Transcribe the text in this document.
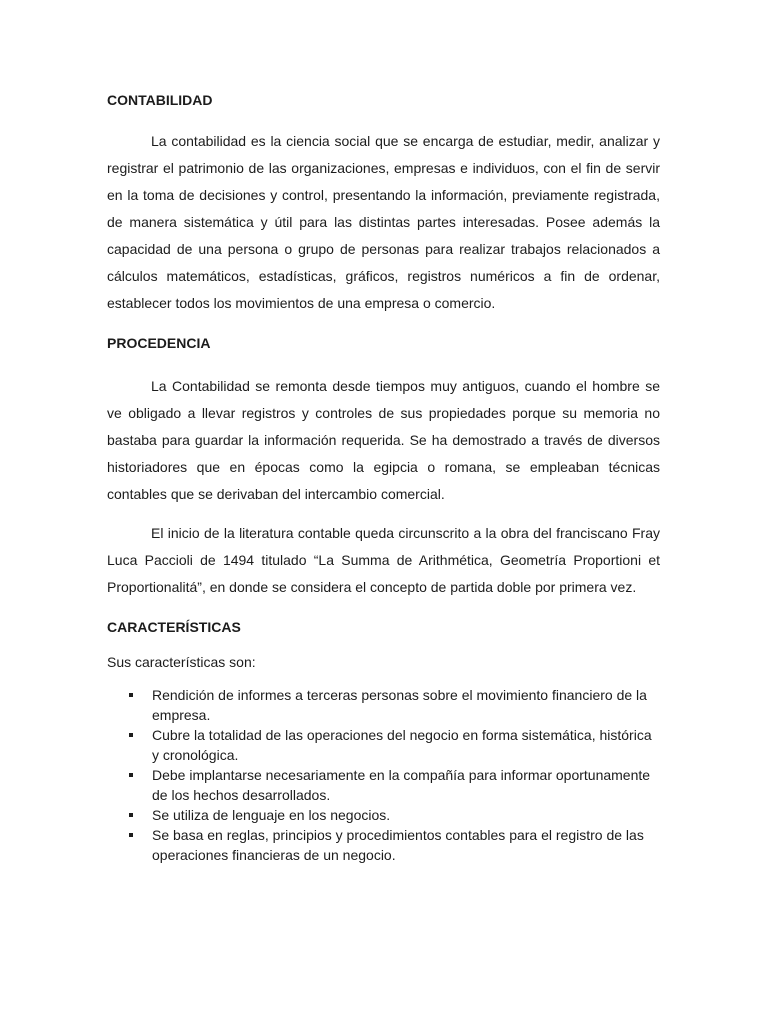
CONTABILIDAD

La contabilidad es la ciencia social que se encarga de estudiar, medir, analizar y registrar el patrimonio de las organizaciones, empresas e individuos, con el fin de servir en la toma de decisiones y control, presentando la información, previamente registrada, de manera sistemática y útil para las distintas partes interesadas. Posee además la capacidad de una persona o grupo de personas para realizar trabajos relacionados a cálculos matemáticos, estadísticas, gráficos, registros numéricos a fin de ordenar, establecer todos los movimientos de una empresa o comercio.

PROCEDENCIA

La Contabilidad se remonta desde tiempos muy antiguos, cuando el hombre se ve obligado a llevar registros y controles de sus propiedades porque su memoria no bastaba para guardar la información requerida. Se ha demostrado a través de diversos historiadores que en épocas como la egipcia o romana, se empleaban técnicas contables que se derivaban del intercambio comercial.

El inicio de la literatura contable queda circunscrito a la obra del franciscano Fray Luca Paccioli de 1494 titulado “La Summa de Arithmética, Geometría Proportioni et Proportionalitá”, en donde se considera el concepto de partida doble por primera vez.

CARACTERÍSTICAS

Sus características son:

Rendición de informes a terceras personas sobre el movimiento financiero de la empresa.
Cubre la totalidad de las operaciones del negocio en forma sistemática, histórica y cronológica.
Debe implantarse necesariamente en la compañía para informar oportunamente de los hechos desarrollados.
Se utiliza de lenguaje en los negocios.
Se basa en reglas, principios y procedimientos contables para el registro de las operaciones financieras de un negocio.
